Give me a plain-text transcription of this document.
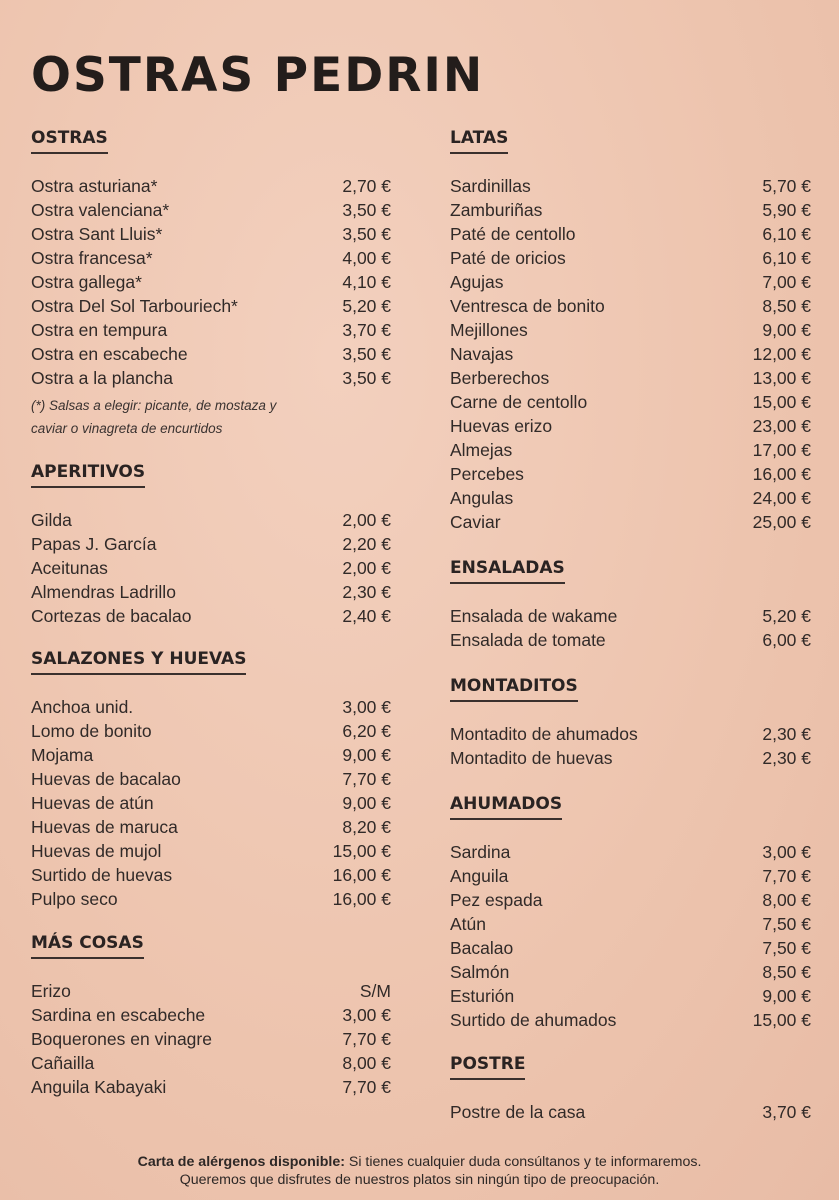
OSTRAS PEDRIN
OSTRAS
Ostra asturiana*	2,70 €
Ostra valenciana*	3,50 €
Ostra Sant Lluis*	3,50 €
Ostra francesa*	4,00 €
Ostra gallega*	4,10 €
Ostra Del Sol Tarbouriech*	5,20 €
Ostra en tempura	3,70 €
Ostra en escabeche	3,50 €
Ostra a la plancha	3,50 €
(*) Salsas a elegir: picante, de mostaza y
caviar o vinagreta de encurtidos
APERITIVOS
Gilda	2,00 €
Papas J. García	2,20 €
Aceitunas	2,00 €
Almendras Ladrillo	2,30 €
Cortezas de bacalao	2,40 €
SALAZONES Y HUEVAS
Anchoa unid.	3,00 €
Lomo de bonito	6,20 €
Mojama	9,00 €
Huevas de bacalao	7,70 €
Huevas de atún	9,00 €
Huevas de maruca	8,20 €
Huevas de mujol	15,00 €
Surtido de huevas	16,00 €
Pulpo seco	16,00 €
MÁS COSAS
Erizo	S/M
Sardina en escabeche	3,00 €
Boquerones en vinagre	7,70 €
Cañailla	8,00 €
Anguila Kabayaki	7,70 €
LATAS
Sardinillas	5,70 €
Zamburiñas	5,90 €
Paté de centollo	6,10 €
Paté de oricios	6,10 €
Agujas	7,00 €
Ventresca de bonito	8,50 €
Mejillones	9,00 €
Navajas	12,00 €
Berberechos	13,00 €
Carne de centollo	15,00 €
Huevas erizo	23,00 €
Almejas	17,00 €
Percebes	16,00 €
Angulas	24,00 €
Caviar	25,00 €
ENSALADAS
Ensalada de wakame	5,20 €
Ensalada de tomate	6,00 €
MONTADITOS
Montadito de ahumados	2,30 €
Montadito de huevas	2,30 €
AHUMADOS
Sardina	3,00 €
Anguila	7,70 €
Pez espada	8,00 €
Atún	7,50 €
Bacalao	7,50 €
Salmón	8,50 €
Esturión	9,00 €
Surtido de ahumados	15,00 €
POSTRE
Postre de la casa	3,70 €
Carta de alérgenos disponible: Si tienes cualquier duda consúltanos y te informaremos.
Queremos que disfrutes de nuestros platos sin ningún tipo de preocupación.
